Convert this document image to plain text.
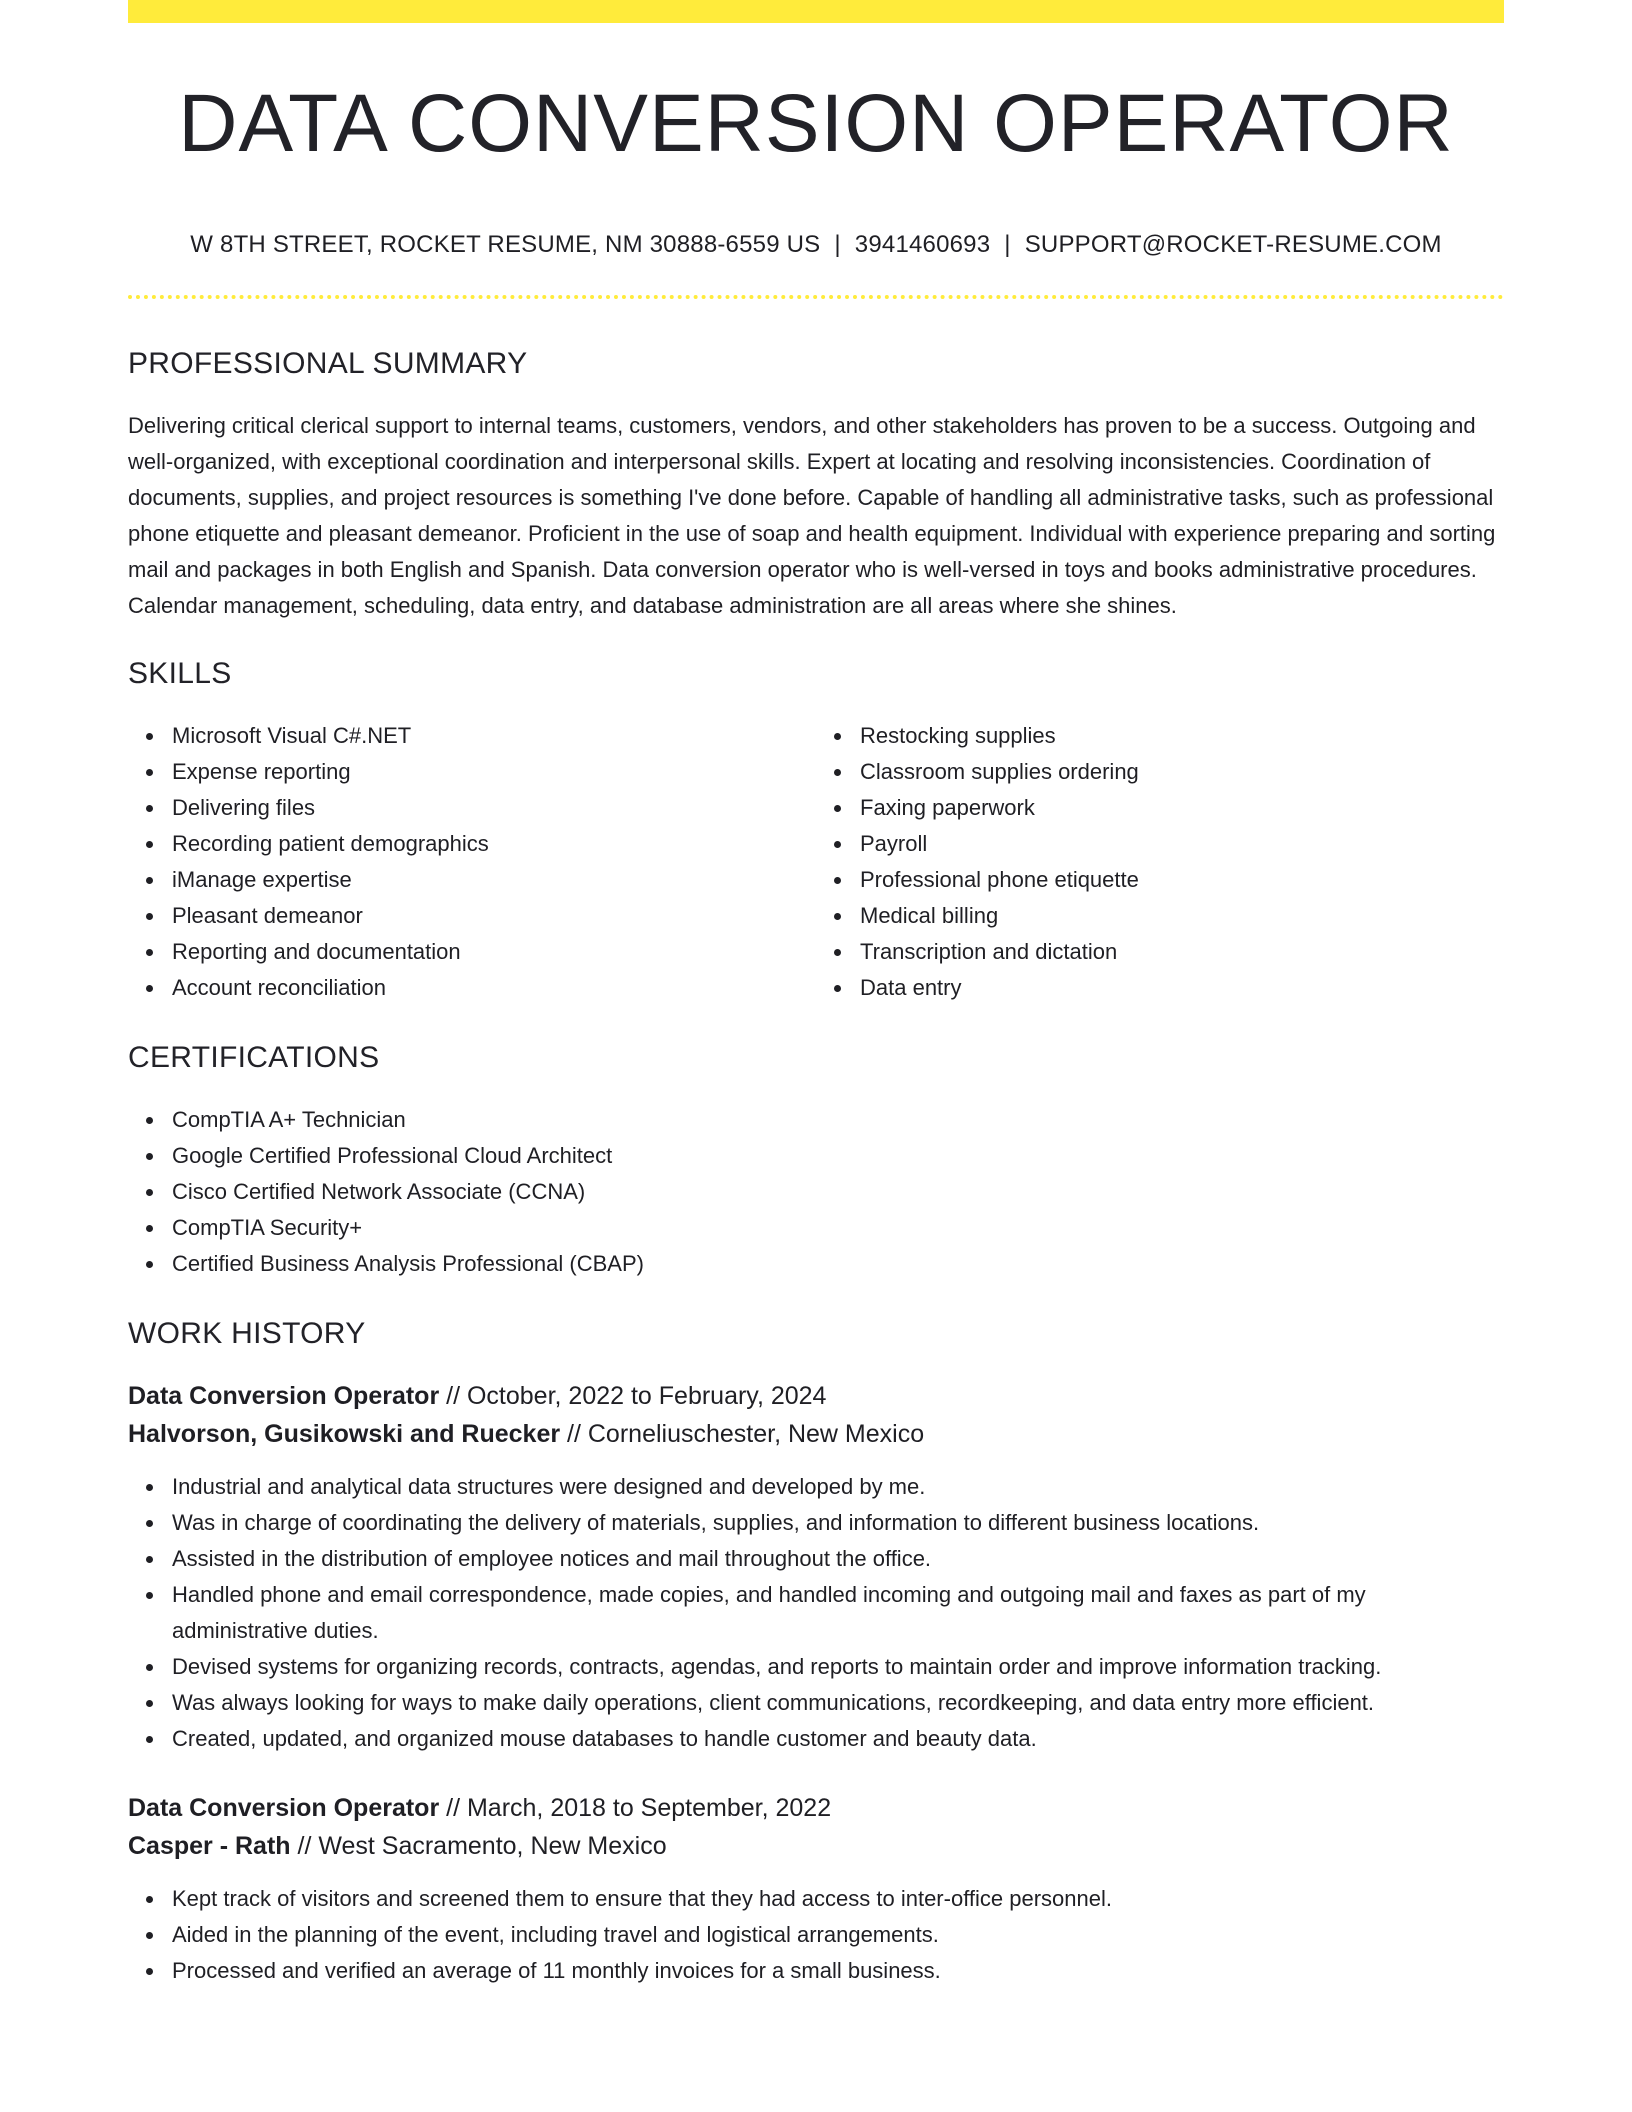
DATA CONVERSION OPERATOR
W 8TH STREET, ROCKET RESUME, NM 30888-6559 US | 3941460693 | SUPPORT@ROCKET-RESUME.COM
PROFESSIONAL SUMMARY

Delivering critical clerical support to internal teams, customers, vendors, and other stakeholders has proven to be a success. Outgoing and well-organized, with exceptional coordination and interpersonal skills. Expert at locating and resolving inconsistencies. Coordination of documents, supplies, and project resources is something I've done before. Capable of handling all administrative tasks, such as professional phone etiquette and pleasant demeanor. Proficient in the use of soap and health equipment. Individual with experience preparing and sorting mail and packages in both English and Spanish. Data conversion operator who is well-versed in toys and books administrative procedures. Calendar management, scheduling, data entry, and database administration are all areas where she shines.

SKILLS
Microsoft Visual C#.NET
Expense reporting
Delivering files
Recording patient demographics
iManage expertise
Pleasant demeanor
Reporting and documentation
Account reconciliation
Restocking supplies
Classroom supplies ordering
Faxing paperwork
Payroll
Professional phone etiquette
Medical billing
Transcription and dictation
Data entry
CERTIFICATIONS
CompTIA A+ Technician
Google Certified Professional Cloud Architect
Cisco Certified Network Associate (CCNA)
CompTIA Security+
Certified Business Analysis Professional (CBAP)
WORK HISTORY
Data Conversion Operator // October, 2022 to February, 2024
Halvorson, Gusikowski and Ruecker // Corneliuschester, New Mexico
Industrial and analytical data structures were designed and developed by me.
Was in charge of coordinating the delivery of materials, supplies, and information to different business locations.
Assisted in the distribution of employee notices and mail throughout the office.
Handled phone and email correspondence, made copies, and handled incoming and outgoing mail and faxes as part of my administrative duties.
Devised systems for organizing records, contracts, agendas, and reports to maintain order and improve information tracking.
Was always looking for ways to make daily operations, client communications, recordkeeping, and data entry more efficient.
Created, updated, and organized mouse databases to handle customer and beauty data.
Data Conversion Operator // March, 2018 to September, 2022
Casper - Rath // West Sacramento, New Mexico
Kept track of visitors and screened them to ensure that they had access to inter-office personnel.
Aided in the planning of the event, including travel and logistical arrangements.
Processed and verified an average of 11 monthly invoices for a small business.
